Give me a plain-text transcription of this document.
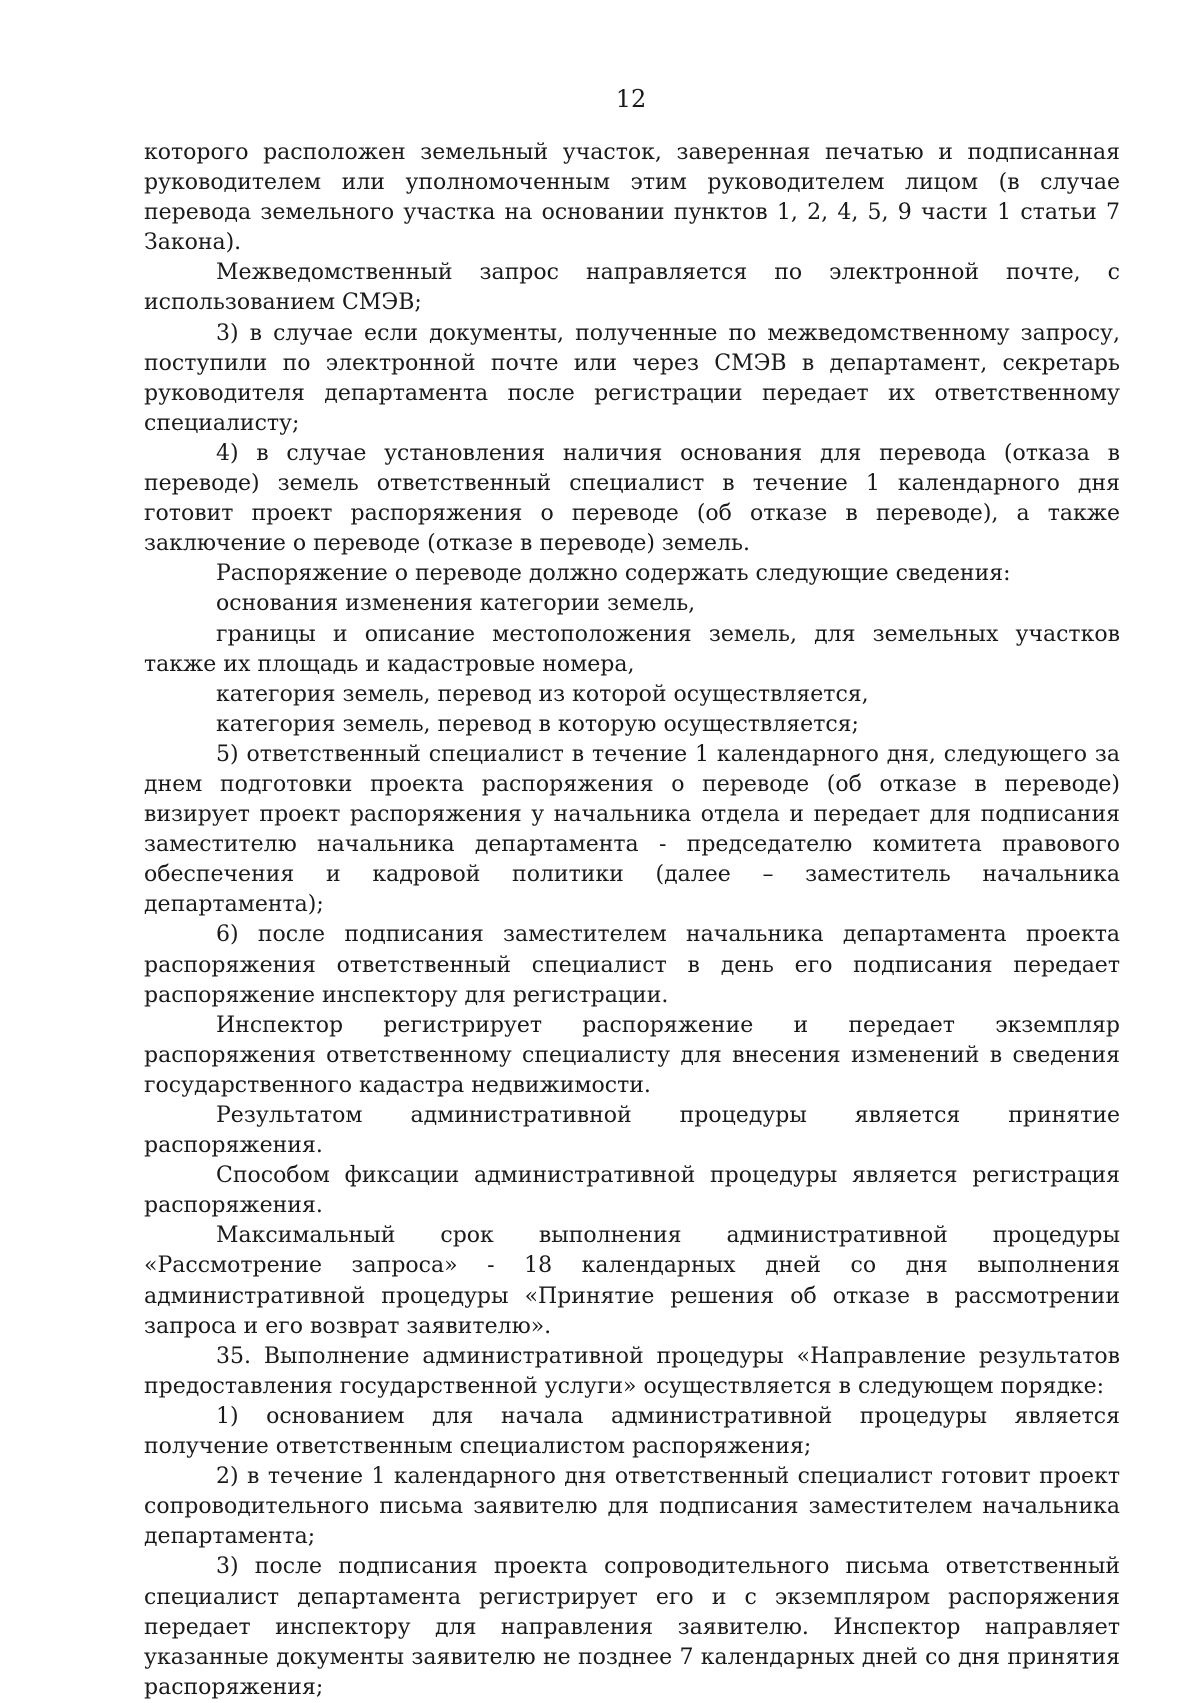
12

которого расположен земельный участок, заверенная печатью и подписанная руководителем или уполномоченным этим руководителем лицом (в случае перевода земельного участка на основании пунктов 1, 2, 4, 5, 9 части 1 статьи 7 Закона).

Межведомственный запрос направляется по электронной почте, с использованием СМЭВ;

3) в случае если документы, полученные по межведомственному запросу, поступили по электронной почте или через СМЭВ в департамент, секретарь руководителя департамента после регистрации передает их ответственному специалисту;

4) в случае установления наличия основания для перевода (отказа в переводе) земель ответственный специалист в течение 1 календарного дня готовит проект распоряжения о переводе (об отказе в переводе), а также заключение о переводе (отказе в переводе) земель.

Распоряжение о переводе должно содержать следующие сведения:

основания изменения категории земель,

границы и описание местоположения земель, для земельных участков также их площадь и кадастровые номера,

категория земель, перевод из которой осуществляется,

категория земель, перевод в которую осуществляется;

5) ответственный специалист в течение 1 календарного дня, следующего за днем подготовки проекта распоряжения о переводе (об отказе в переводе) визирует проект распоряжения у начальника отдела и передает для подписания заместителю начальника департамента - председателю комитета правового обеспечения и кадровой политики (далее – заместитель начальника департамента);

6) после подписания заместителем начальника департамента проекта распоряжения ответственный специалист в день его подписания передает распоряжение инспектору для регистрации.

Инспектор регистрирует распоряжение и передает экземпляр распоряжения ответственному специалисту для внесения изменений в сведения государственного кадастра недвижимости.

Результатом административной процедуры является принятие распоряжения.

Способом фиксации административной процедуры является регистрация распоряжения.

Максимальный срок выполнения административной процедуры «Рассмотрение запроса» - 18 календарных дней со дня выполнения административной процедуры «Принятие решения об отказе в рассмотрении запроса и его возврат заявителю».

35. Выполнение административной процедуры «Направление результатов предоставления государственной услуги» осуществляется в следующем порядке:

1) основанием для начала административной процедуры является получение ответственным специалистом распоряжения;

2) в течение 1 календарного дня ответственный специалист готовит проект сопроводительного письма заявителю для подписания заместителем начальника департамента;

3) после подписания проекта сопроводительного письма ответственный специалист департамента регистрирует его и с экземпляром распоряжения передает инспектору для направления заявителю. Инспектор направляет указанные документы заявителю не позднее 7 календарных дней со дня принятия распоряжения;
